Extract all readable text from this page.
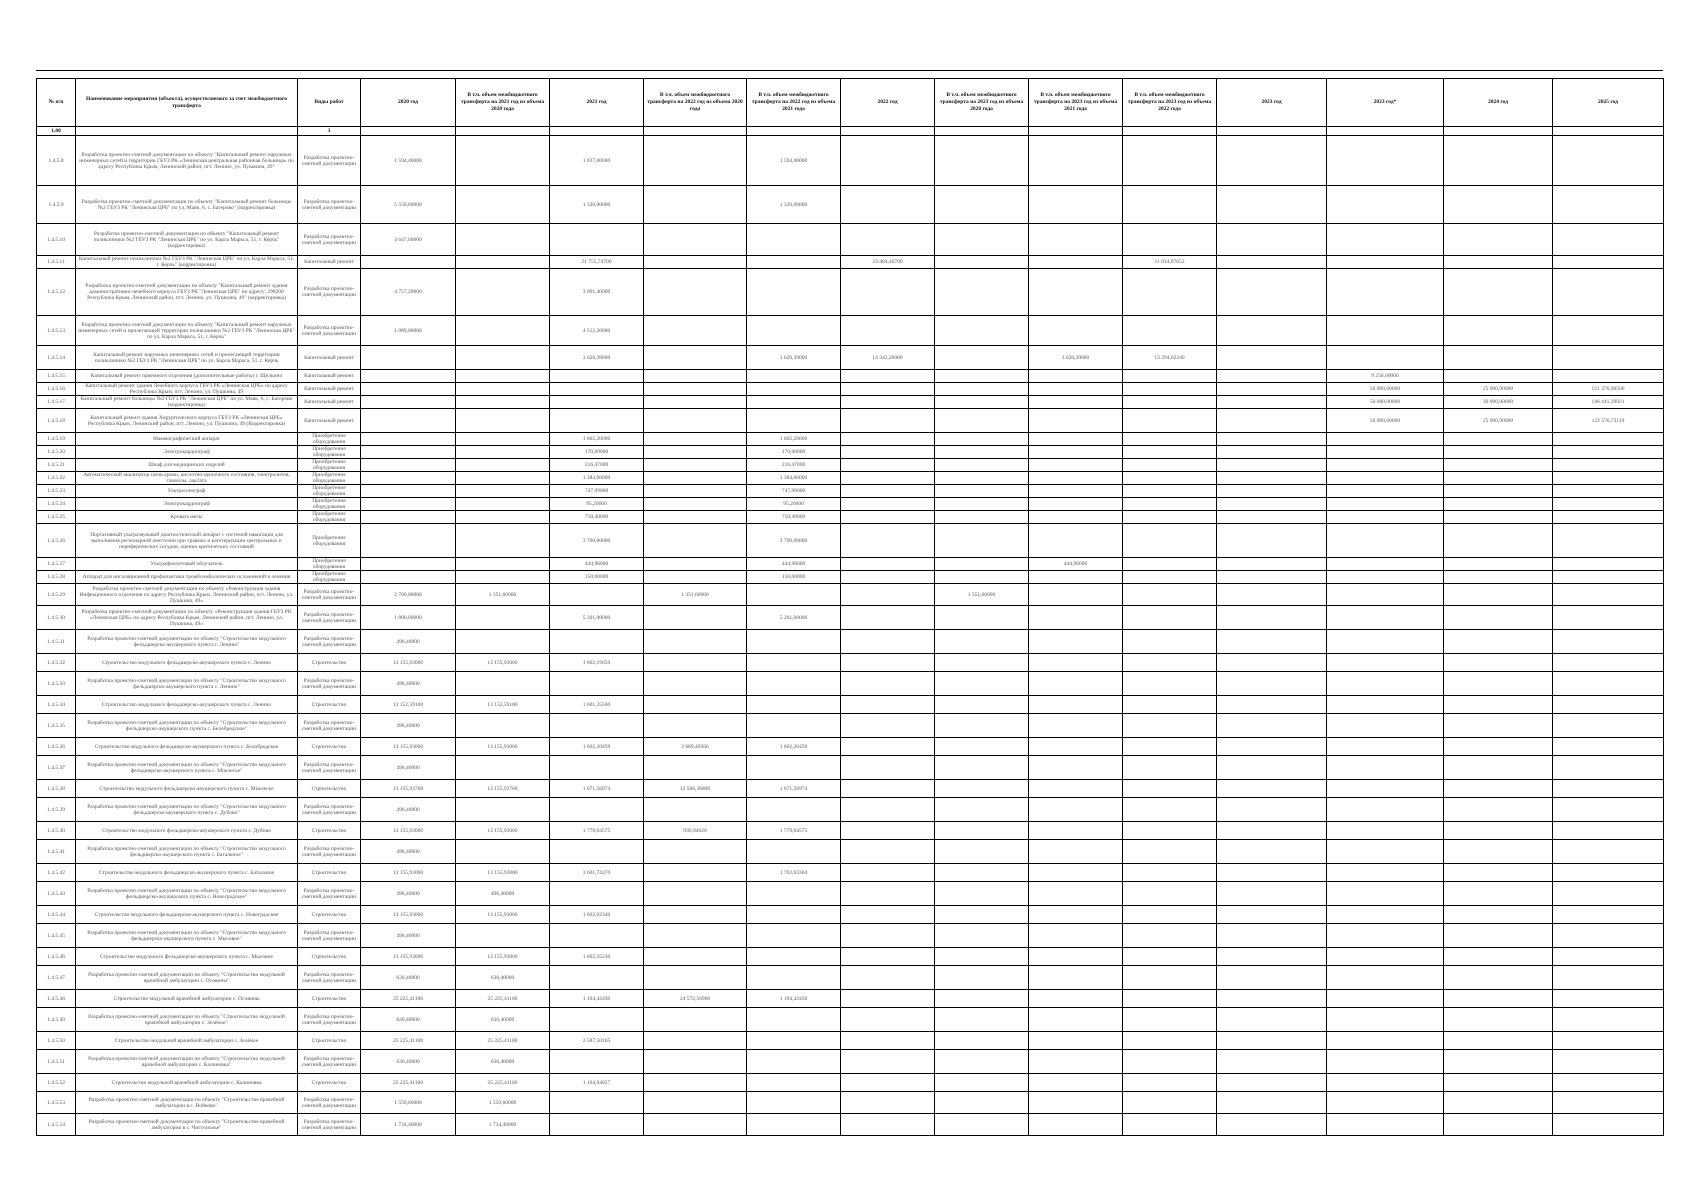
№ п/п	Наименование мероприятия (объекта), осуществляемого за счет межбюджетного трансферта	Виды работ	2020 год	В т.ч. объем межбюджетного трансферта на 2021 год из объема 2020 года	2021 год	В т.ч. объем межбюджетного трансферта на 2022 год из объема 2020 года	В т.ч. объем межбюджетного трансферта на 2022 год из объема 2021 года	2022 год	В т.ч. объем межбюджетного трансферта на 2023 год из объема 2020 года	В т.ч. объем межбюджетного трансферта на 2023 год из объема 2021 года	В т.ч. объем межбюджетного трансферта на 2023 год из объема 2022 года	2023 год	2023 год*	2024 год	2025 год
1,00		3													
1.4.5.8	Разработка проектно-сметной документации по объекту "Капитальный ремонт наружных инженерных сетей и территории ГБУЗ РК «Ленинская центральная районная больница» по адресу Республика Крым, Ленинский район, пгт. Ленино, ул. Пушкина, 49"	Разработка проектно-сметной документации	1 594,40000		1 037,00000		1 594,40000								
1.4.5.9	Разработка проектно-сметной документации по объекту "Капитальный ремонт больницы №2 ГБУЗ РК "Ленинская ЦРБ" по ул. Маяк, 6, с. Багерово" (корректировка)	Разработка проектно-сметной документации	5 550,60000		1 320,00000		1 320,00000								
1.4.5.10	Разработка проектно-сметной документации по объекту "Капитальный ремонт поликлиники №2 ГБУЗ РК "Ленинская ЦРБ" по ул. Карла Маркса, 51, г. Керчь" (корректировка)	Разработка проектно-сметной документации	4 647,60000												
1.4.5.11	Капитальный ремонт поликлиники №2 ГБУЗ РК "Ленинская ЦРБ" по ул. Карла Маркса, 51, г. Керчь" (корректировка)	Капитальный ремонт			21 755,74700			23 484,40700			11 034,07653				
1.4.5.12	Разработка проектно-сметной документации по объекту "Капитальный ремонт здания административно-лечебного корпуса ГБУЗ РК "Ленинская ЦРБ" по адресу: 298200 Республика Крым, Ленинский район, пгт. Ленино, ул. Пушкина, 49" (корректировка)	Разработка проектно-сметной документации	4 757,20000		3 001,40000										
1.4.5.13	Разработка проектно-сметной документации по объекту "Капитальный ремонт наружных инженерных сетей и прилегающей территории поликлиники №2 ГБУЗ РК "Ленинская ЦРБ" по ул. Карла Маркса, 51, г. Керчь"	Разработка проектно-сметной документации	1 089,00000		4 512,20000										
1.4.5.14	Капитальный ремонт наружных инженерных сетей и прилегающей территории поликлиники №2 ГБУЗ РК "Ленинская ЦРБ" по ул. Карла Маркса, 51, г. Керчь	Капитальный ремонт			3 620,39000		1 620,39000	14 342,20000		3 620,39000	13 394,62240				
1.4.5.15	Капитальный ремонт приемного отделения (дополнительные работы) г. Щёлкино	Капитальный ремонт											9 258,00000		
1.4.5.16	Капитальный ремонт здания Лечебного корпуса ГБУЗ РК «Ленинская ЦРБ» по адресу Республика Крым, пгт. Ленино, ул. Пушкина, 49	Капитальный ремонт											50 000,00000	25 000,00000	151 376,96500
1.4.5.17	Капитальный ремонт больницы №2 ГБУЗ РК "Ленинская ЦРБ" по ул. Маяк, 6, с. Багерово (корректировка)	Капитальный ремонт											50 000,00000	30 000,00000	146 441,39021
1.4.5.18	Капитальный ремонт здания Хирургического корпуса ГБУЗ РК «Ленинская ЦРБ» Республика Крым, Ленинский район, пгт. Ленино, ул. Пушкина, 49 (Корректировка)	Капитальный ремонт											50 000,00000	25 000,00000	122 576,73119
1.4.5.19	Маммографический аппарат	Приобретение оборудования			1 665,20000		1 665,20000								
1.4.5.20	Электрокардиограф	Приобретение оборудования			170,00000		170,00000								
1.4.5.21	Шкаф для медицинских изделий	Приобретение оборудования			216,47000		216,47000								
1.4.5.22	Автоматический анализатор газов крови, кислотно-щелочного состояния, электролитов, глюкозы, лактата	Приобретение оборудования			1 384,00000		1 384,00000								
1.4.5.23	Ультрасонограф	Приобретение оборудования			747,99000		747,99000								
1.4.5.24	Электрокардиограф	Приобретение оборудования			95,20000		95,20000								
1.4.5.25	Кровать-весы	Приобретение оборудования			710,40000		710,40000								
1.4.5.26	Портативный ультразвуковой диагностический аппарат с системой навигации для выполнения регионарной анестезии при травмах и катетеризации центральных и периферических сосудов, оценки критических состояний	Приобретение оборудования			3 700,00000		3 700,00000								
1.4.5.27	Ультрафиолетовый облучатель	Приобретение оборудования			444,96000		444,96000			444,96000					
1.4.5.28	Аппарат для ингаляционной профилактики тромбоэмболических осложнений и лечения	Приобретение оборудования			150,00000		150,00000								
1.4.5.29	Разработка проектно-сметной документации по объекту «Реконструкция здания Инфекционного отделения по адресу Республика Крым, Ленинский район, пгт. Ленино, ул. Пушкина, 49»	Разработка проектно-сметной документации	2 700,00000	1 351,60000		1 351,60000			1 351,60000						
1.4.5.30	Разработка проектно-сметной документации по объекту «Реконструкция здания ГБУЗ РК «Ленинская ЦРБ» по адресу Республика Крым, Ленинский район, пгт. Ленино, ул. Пушкина, 49»	Разработка проектно-сметной документации	1 800,00000		5 201,00000		5 201,00000								
1.4.5.31	Разработка проектно-сметной документации по объекту "Строительство модульного фельдшерско-акушерского пункта г. Ленино"	Разработка проектно-сметной документации	496,40000												
1.4.5.32	Строительство модульного фельдшерско-акушерского пункта с. Ленино	Строительство	13 155,93000	13 155,93000	1 602,19059										
1.4.5.33	Разработка проектно-сметной документации по объекту "Строительство модульного фельдшерско-акушерского пункта с. Ленино"	Разработка проектно-сметной документации	496,40000												
1.4.5.34	Строительство модульного фельдшерско-акушерского пункта с. Ленино	Строительство	13 152,59100	13 152,59100	1 601,35500										
1.4.5.35	Разработка проектно-сметной документации по объекту "Строительство модульного фельдшерско-акушерского пункта с. Белобродское"	Разработка проектно-сметной документации	496,40000												
1.4.5.36	Строительство модульного фельдшерско-акушерского пункта с. Белобродское	Строительство	13 155,93000	13 155,93000	1 602,20459	2 669,40566	1 602,20459								
1.4.5.37	Разработка проектно-сметной документации по объекту "Строительство модульного фельдшерско-акушерского пункта с. Міжлесье"	Разработка проектно-сметной документации	496,40000												
1.4.5.38	Строительство модульного фельдшерско-акушерского пункта с. Міжлесье	Строительство	13 155,93768	13 155,93768	1 671,56974	12 506,36800	1 671,56974								
1.4.5.39	Разработка проектно-сметной документации по объекту "Строительство модульного фельдшерско-акушерского пункта с. Дубово"	Разработка проектно-сметной документации	496,40000												
1.4.5.40	Строительство модульного фельдшерско-акушерского пункта с. Дубово	Строительство	13 155,93000	13 155,93000	1 779,04575	930,94020	1 779,04575								
1.4.5.41	Разработка проектно-сметной документации по объекту "Строительство модульного фельдшерско-акушерского пункта с. Батальное"	Разработка проектно-сметной документации	496,40000												
1.4.5.42	Строительство модульного фельдшерско-акушерского пункта с. Батальное	Строительство	13 155,93000	13 155,93000	3 601,74370		1 702,03364								
1.4.5.43	Разработка проектно-сметной документации по объекту "Строительство модульного фельдшерско-акушерского пункта с. Новоградское"	Разработка проектно-сметной документации	496,40000	496,40000											
1.4.5.44	Строительство модульного фельдшерско-акушерского пункта с. Новоградское	Строительство	13 155,93000	13 155,93000	1 602,02340										
1.4.5.45	Разработка проектно-сметной документации по объекту "Строительство модульного фельдшерско-акушерского пункта с. Мысовое"	Разработка проектно-сметной документации	496,40000												
1.4.5.46	Строительство модульного фельдшерско-акушерского пункта с. Мысовое	Строительство	13 155,93000	13 155,93000	1 602,35230										
1.4.5.47	Разработка проектно-сметной документации по объекту "Строительство модульной врачебной амбулатории с. Осовины"	Разработка проектно-сметной документации	630,40000	630,40000											
1.4.5.48	Строительство модульной врачебной амбулатории с. Осовины	Строительство	25 225,41100	25 225,41100	1 104,42450	24 572,50900	1 104,42450								
1.4.5.49	Разработка проектно-сметной документации по объекту "Строительство модульной врачебной амбулатории с. Зелёное"	Разработка проектно-сметной документации	630,40000	630,40000											
1.4.5.50	Строительство модульной врачебной амбулатории с. Зелёное	Строительство	25 225,41100	25 225,41100	2 587,50165										
1.4.5.51	Разработка проектно-сметной документации по объекту "Строительство модульной врачебной амбулатории с. Калиновка"	Разработка проектно-сметной документации	630,40000	630,40000											
1.4.5.52	Строительство модульной врачебной амбулатории с. Калиновка	Строительство	25 225,41100	25 225,41100	1 104,94057										
1.4.5.53	Разработка проектно-сметной документации по объекту "Строительство врачебной амбулатории в с. Войково"	Разработка проектно-сметной документации	1 550,60000	1 550,60000											
1.4.5.54	Разработка проектно-сметной документации по объекту "Строительство врачебной амбулатории в с. Чистополье"	Разработка проектно-сметной документации	1 734,40000	1 734,40000											
